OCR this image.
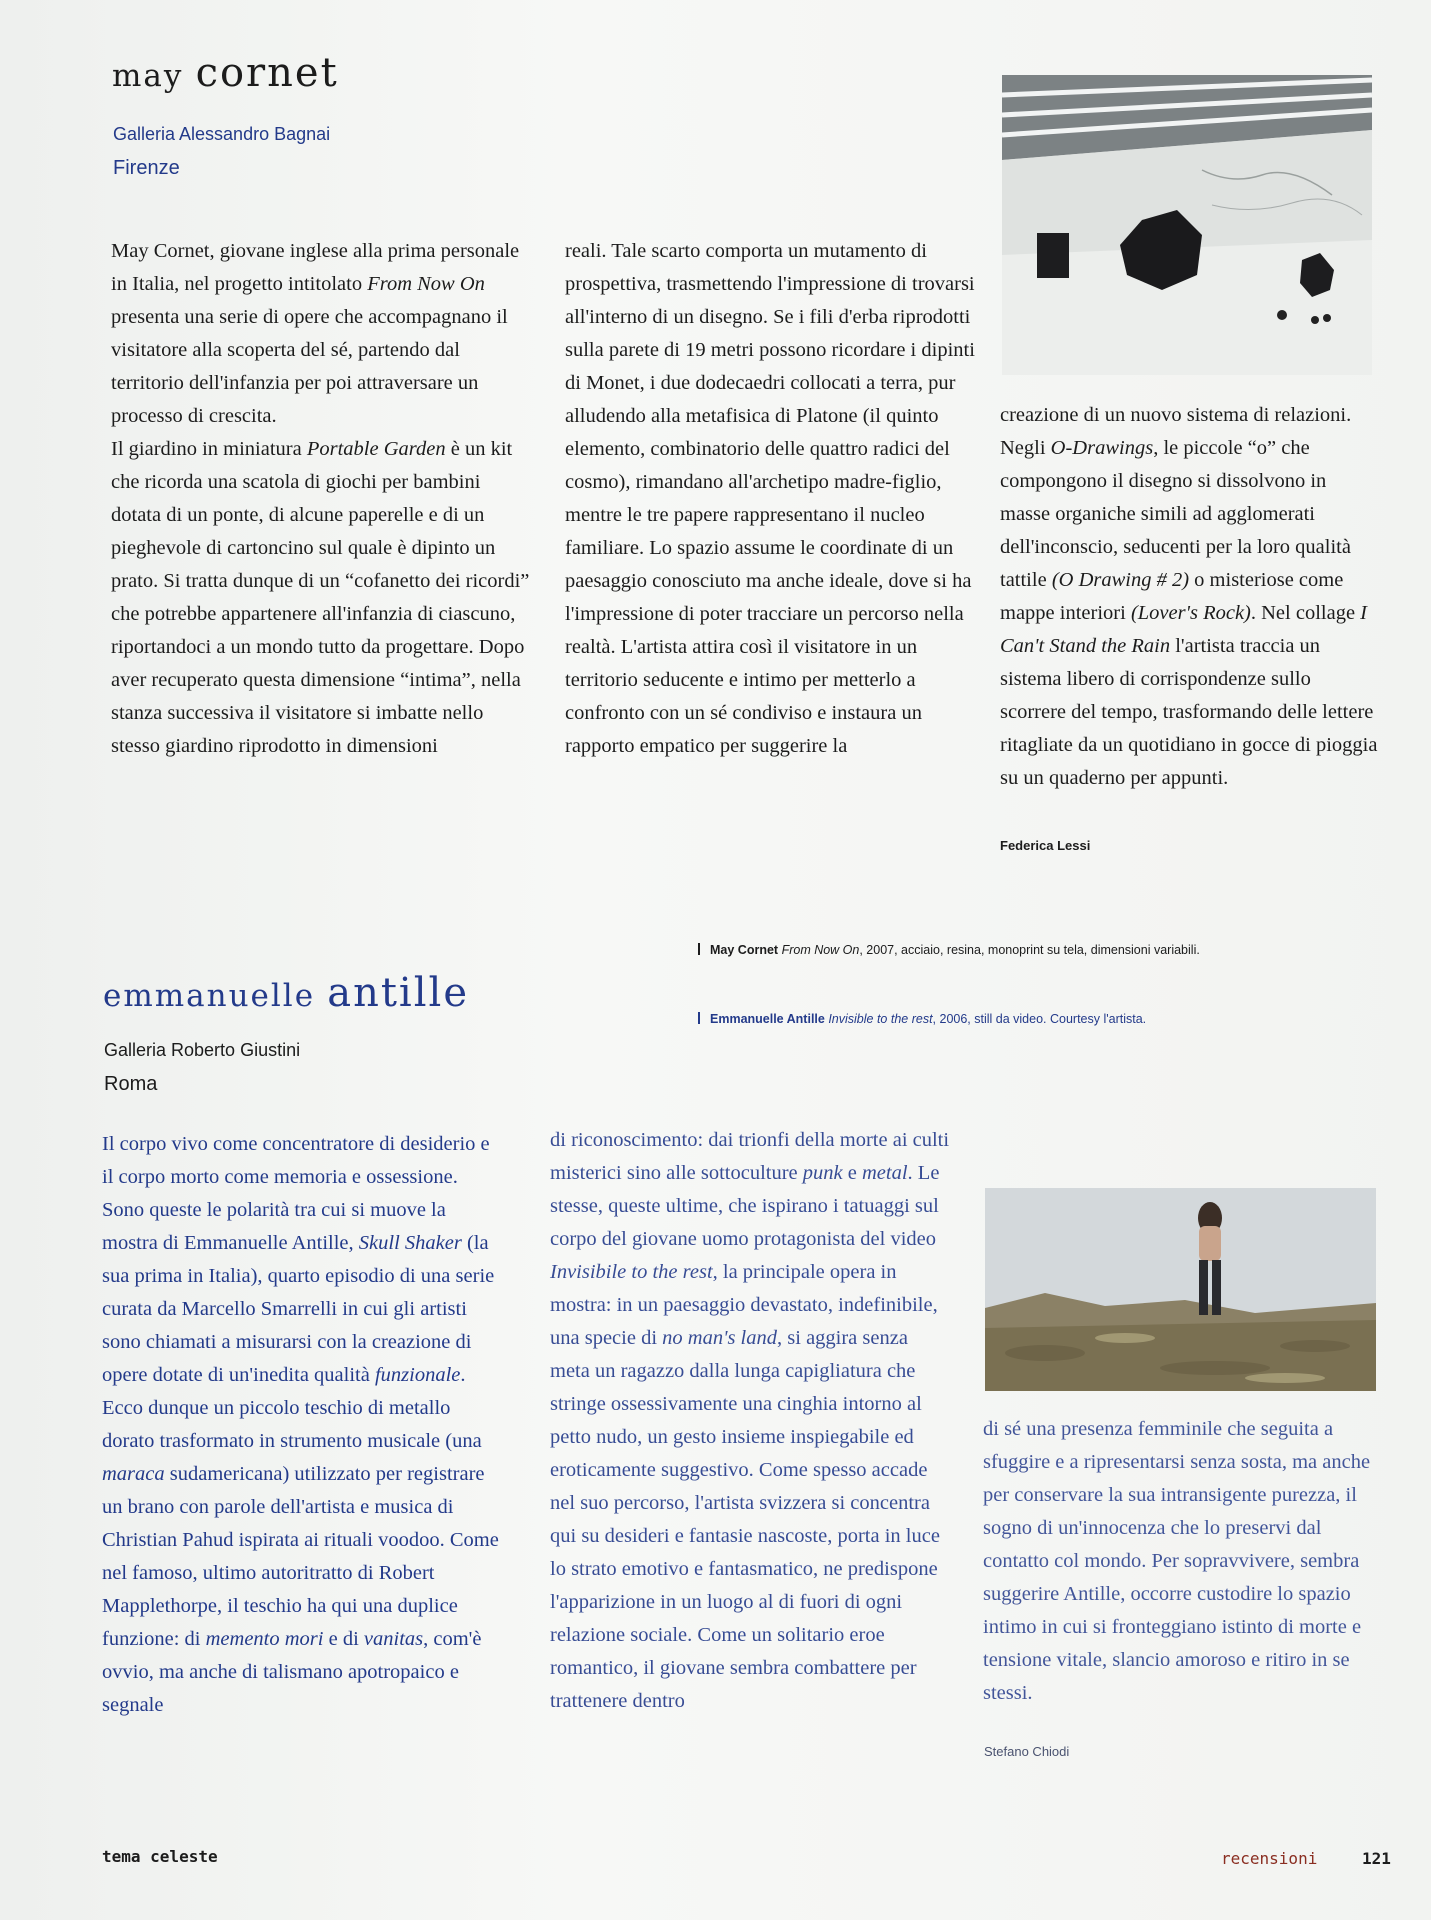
may cornet
Galleria Alessandro Bagnai
Firenze

May Cornet, giovane inglese alla prima personale in Italia, nel progetto intitolato From Now On presenta una serie di opere che accompagnano il visitatore alla scoperta del sé, partendo dal territorio dell'infanzia per poi attraversare un processo di crescita.
Il giardino in miniatura Portable Garden è un kit che ricorda una scatola di giochi per bambini dotata di un ponte, di alcune paperelle e di un pieghevole di cartoncino sul quale è dipinto un prato. Si tratta dunque di un “cofanetto dei ricordi” che potrebbe appartenere all'infanzia di ciascuno, riportandoci a un mondo tutto da progettare. Dopo aver recuperato questa dimensione “intima”, nella stanza successiva il visitatore si imbatte nello stesso giardino riprodotto in dimensioni

reali. Tale scarto comporta un mutamento di prospettiva, trasmettendo l'impressione di trovarsi all'interno di un disegno. Se i fili d'erba riprodotti sulla parete di 19 metri possono ricordare i dipinti di Monet, i due dodecaedri collocati a terra, pur alludendo alla metafisica di Platone (il quinto elemento, combinatorio delle quattro radici del cosmo), rimandano all'archetipo madre-figlio, mentre le tre papere rappresentano il nucleo familiare. Lo spazio assume le coordinate di un paesaggio conosciuto ma anche ideale, dove si ha l'impressione di poter tracciare un percorso nella realtà. L'artista attira così il visitatore in un territorio seducente e intimo per metterlo a confronto con un sé condiviso e instaura un rapporto empatico per suggerire la

creazione di un nuovo sistema di relazioni. Negli O-Drawings, le piccole “o” che compongono il disegno si dissolvono in masse organiche simili ad agglomerati dell'inconscio, seducenti per la loro qualità tattile (O Drawing # 2) o misteriose come mappe interiori (Lover's Rock). Nel collage I Can't Stand the Rain l'artista traccia un sistema libero di corrispondenze sullo scorrere del tempo, trasformando delle lettere ritagliate da un quotidiano in gocce di pioggia su un quaderno per appunti.

Federica Lessi
May Cornet From Now On, 2007, acciaio, resina, monoprint su tela, dimensioni variabili.
emmanuelle antille
Emmanuelle Antille Invisible to the rest, 2006, still da video. Courtesy l'artista.
Galleria Roberto Giustini
Roma

Il corpo vivo come concentratore di desiderio e il corpo morto come memoria e ossessione. Sono queste le polarità tra cui si muove la mostra di Emmanuelle Antille, Skull Shaker (la sua prima in Italia), quarto episodio di una serie curata da Marcello Smarrelli in cui gli artisti sono chiamati a misurarsi con la creazione di opere dotate di un'inedita qualità funzionale. Ecco dunque un piccolo teschio di metallo dorato trasformato in strumento musicale (una maraca sudamericana) utilizzato per registrare un brano con parole dell'artista e musica di Christian Pahud ispirata ai rituali voodoo. Come nel famoso, ultimo autoritratto di Robert Mapplethorpe, il teschio ha qui una duplice funzione: di memento mori e di vanitas, com'è ovvio, ma anche di talismano apotropaico e segnale

di riconoscimento: dai trionfi della morte ai culti misterici sino alle sottoculture punk e metal. Le stesse, queste ultime, che ispirano i tatuaggi sul corpo del giovane uomo protagonista del video Invisibile to the rest, la principale opera in mostra: in un paesaggio devastato, indefinibile, una specie di no man's land, si aggira senza meta un ragazzo dalla lunga capigliatura che stringe ossessivamente una cinghia intorno al petto nudo, un gesto insieme inspiegabile ed eroticamente suggestivo. Come spesso accade nel suo percorso, l'artista svizzera si concentra qui su desideri e fantasie nascoste, porta in luce lo strato emotivo e fantasmatico, ne predispone l'apparizione in un luogo al di fuori di ogni relazione sociale. Come un solitario eroe romantico, il giovane sembra combattere per trattenere dentro

di sé una presenza femminile che seguita a sfuggire e a ripresentarsi senza sosta, ma anche per conservare la sua intransigente purezza, il sogno di un'innocenza che lo preservi dal contatto col mondo. Per sopravvivere, sembra suggerire Antille, occorre custodire lo spazio intimo in cui si fronteggiano istinto di morte e tensione vitale, slancio amoroso e ritiro in se stessi.

Stefano Chiodi
tema celeste	recensioni	121
